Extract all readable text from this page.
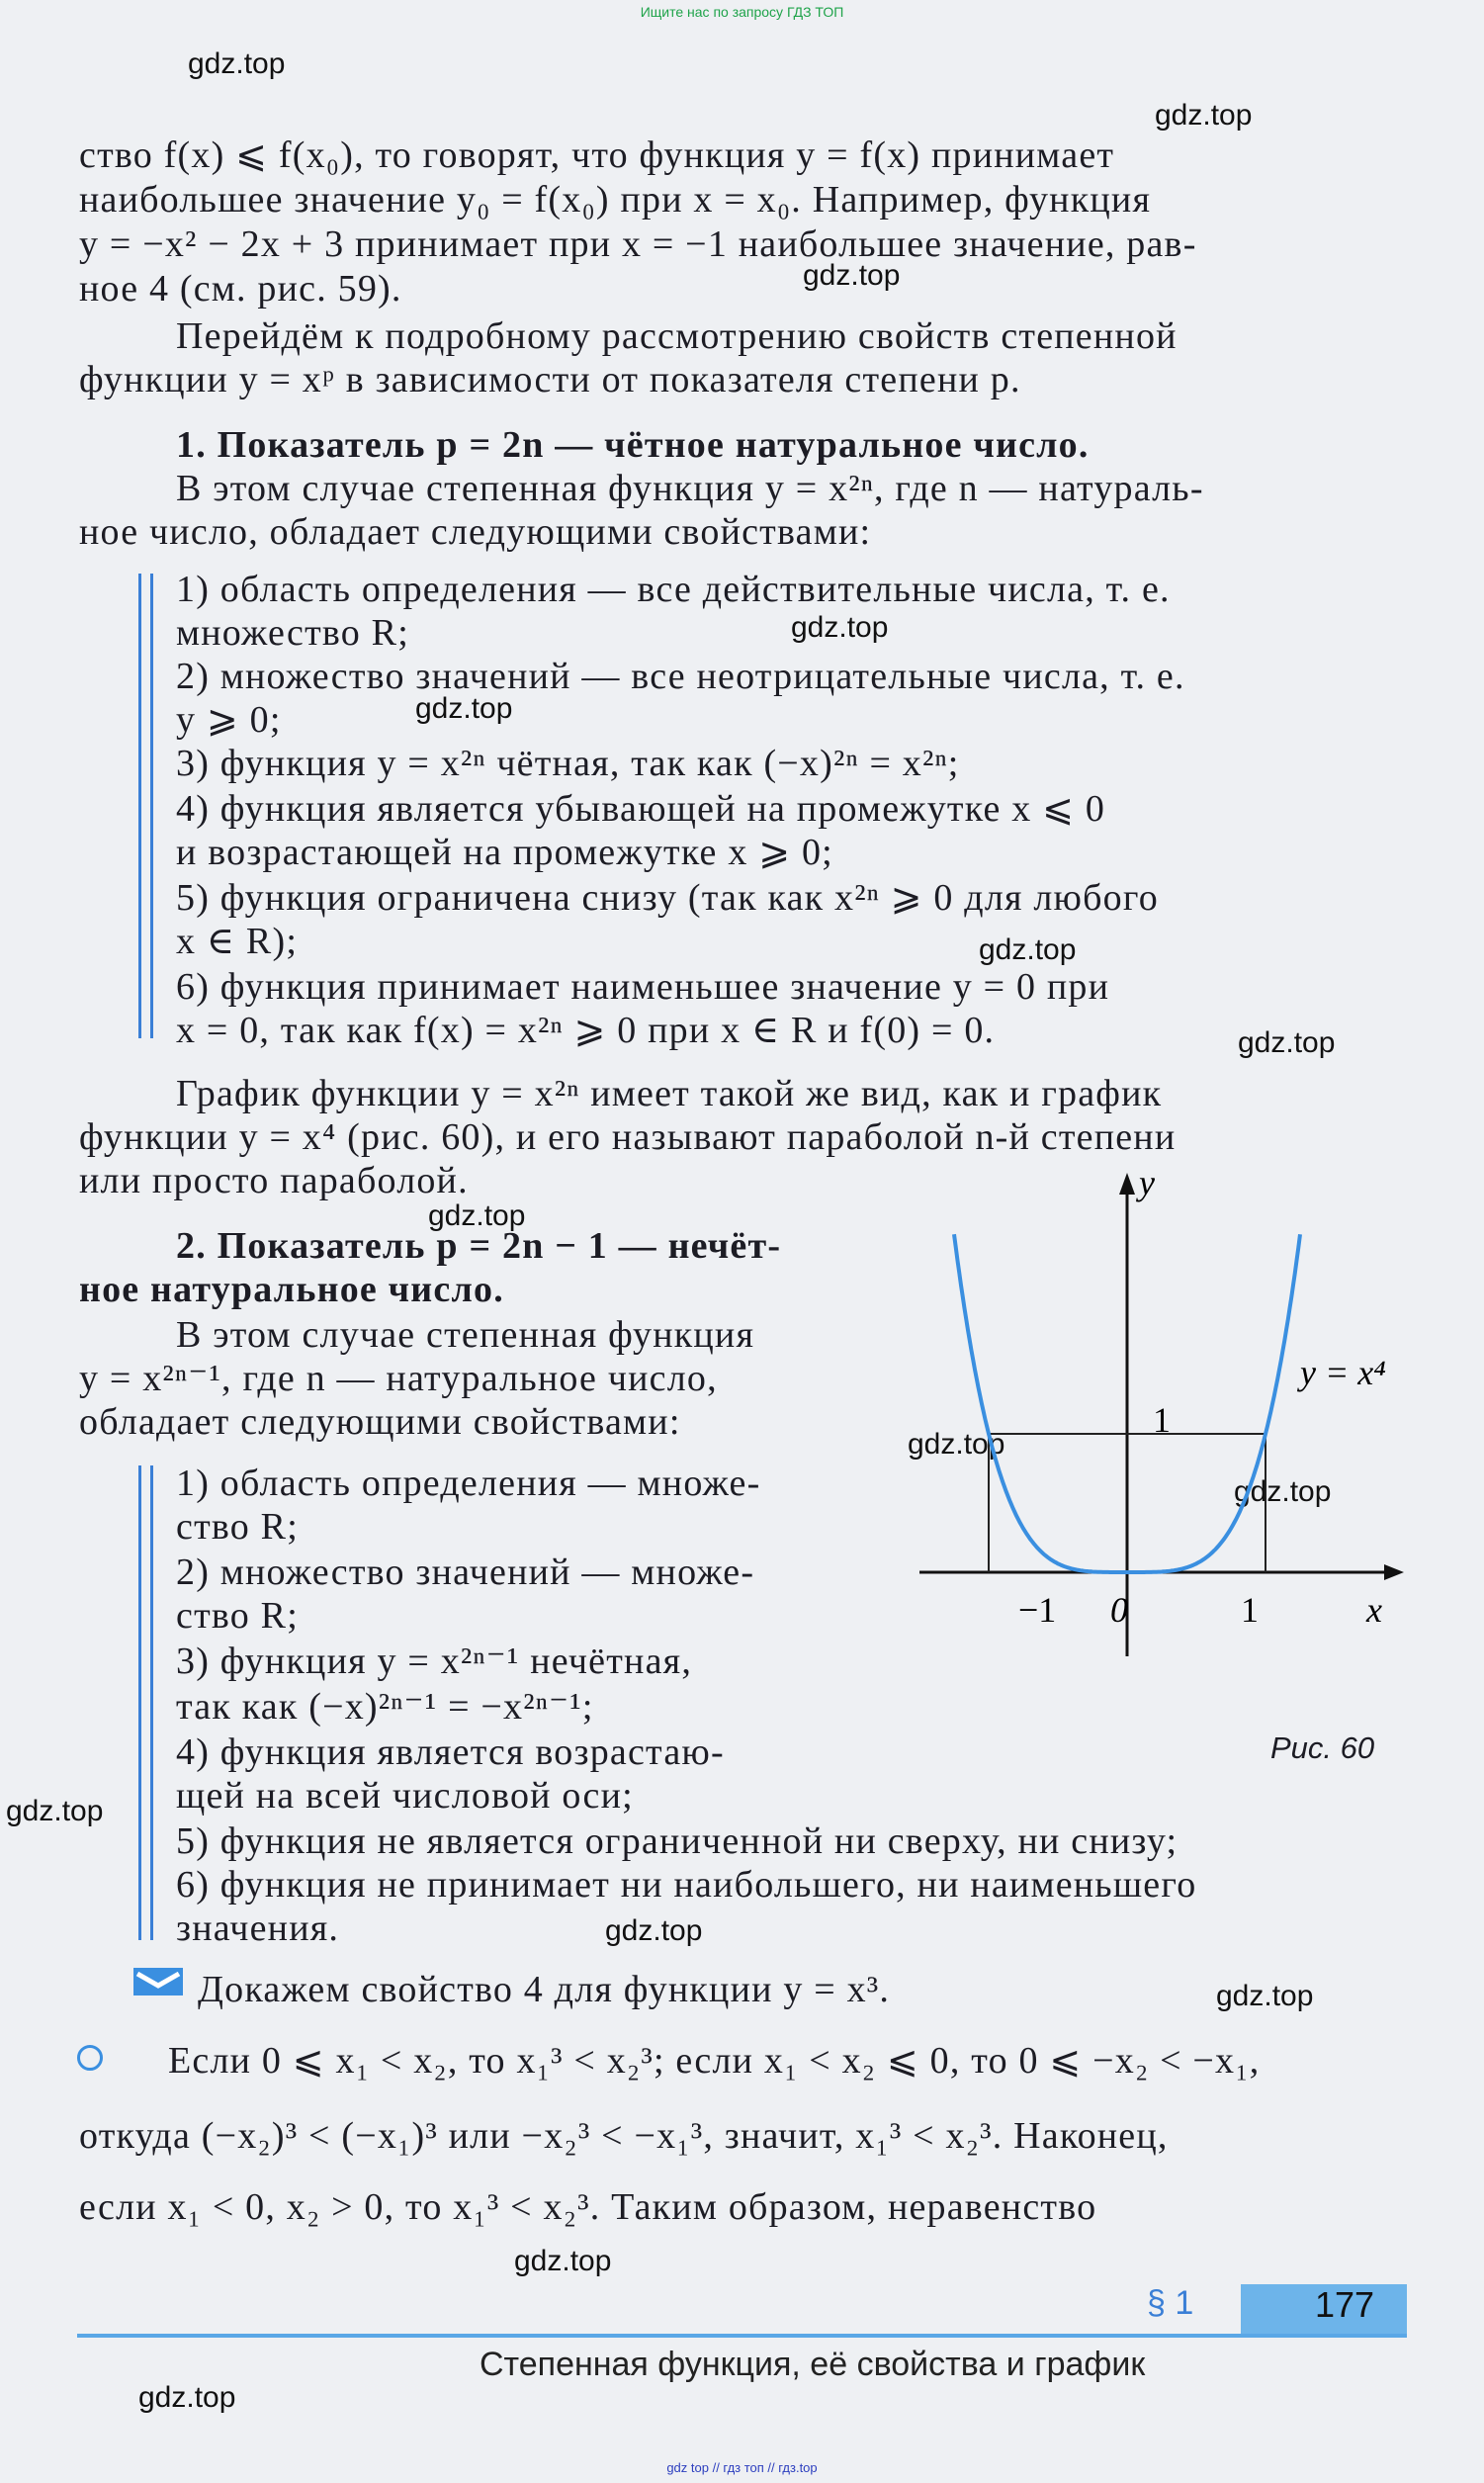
Ищите нас по запросу ГДЗ ТОП
gdz.top
gdz.top
gdz.top
gdz.top
gdz.top
gdz.top
gdz.top
gdz.top
gdz.top
gdz.top
gdz.top
gdz.top
gdz.top
gdz.top
gdz.top
ство f(x) ⩽ f(x₀), то говорят, что функция y = f(x) принимает
наибольшее значение y₀ = f(x₀) при x = x₀. Например, функция
y = −x² − 2x + 3 принимает при x = −1 наибольшее значение, рав-
ное 4 (см. рис. 59).
Перейдём к подробному рассмотрению свойств степенной
функции y = xᵖ в зависимости от показателя степени p.
1. Показатель p = 2n — чётное натуральное число.
В этом случае степенная функция y = x²ⁿ, где n — натураль-
ное число, обладает следующими свойствами:
1) область определения — все действительные числа, т. е.
множество R;
2) множество значений — все неотрицательные числа, т. е.
y ⩾ 0;
3) функция y = x²ⁿ чётная, так как (−x)²ⁿ = x²ⁿ;
4) функция является убывающей на промежутке x ⩽ 0
и возрастающей на промежутке x ⩾ 0;
5) функция ограничена снизу (так как x²ⁿ ⩾ 0 для любого
x ∈ R);
6) функция принимает наименьшее значение y = 0 при
x = 0, так как f(x) = x²ⁿ ⩾ 0 при x ∈ R и f(0) = 0.
График функции y = x²ⁿ имеет такой же вид, как и график
функции y = x⁴ (рис. 60), и его называют параболой n-й степени
или просто параболой.
2. Показатель p = 2n − 1 — нечёт-
ное натуральное число.
В этом случае степенная функция
y = x²ⁿ⁻¹, где n — натуральное число,
обладает следующими свойствами:
1) область определения — множе-
ство R;
2) множество значений — множе-
ство R;
3) функция y = x²ⁿ⁻¹ нечётная,
так как (−x)²ⁿ⁻¹ = −x²ⁿ⁻¹;
4) функция является возрастаю-
щей на всей числовой оси;
5) функция не является ограниченной ни сверху, ни снизу;
6) функция не принимает ни наибольшего, ни наименьшего
значения.
Докажем свойство 4 для функции y = x³.
Если 0 ⩽ x₁ < x₂, то x₁³ < x₂³; если x₁ < x₂ ⩽ 0, то 0 ⩽ −x₂ < −x₁,
откуда (−x₂)³ < (−x₁)³ или −x₂³ < −x₁³, значит, x₁³ < x₂³. Наконец,
если x₁ < 0, x₂ > 0, то x₁³ < x₂³. Таким образом, неравенство
y
x
y = x⁴
−1 0	1
1
Рис. 60
§ 1	177
Степенная функция, её свойства и график
gdz top // гдз топ // гдз.top
